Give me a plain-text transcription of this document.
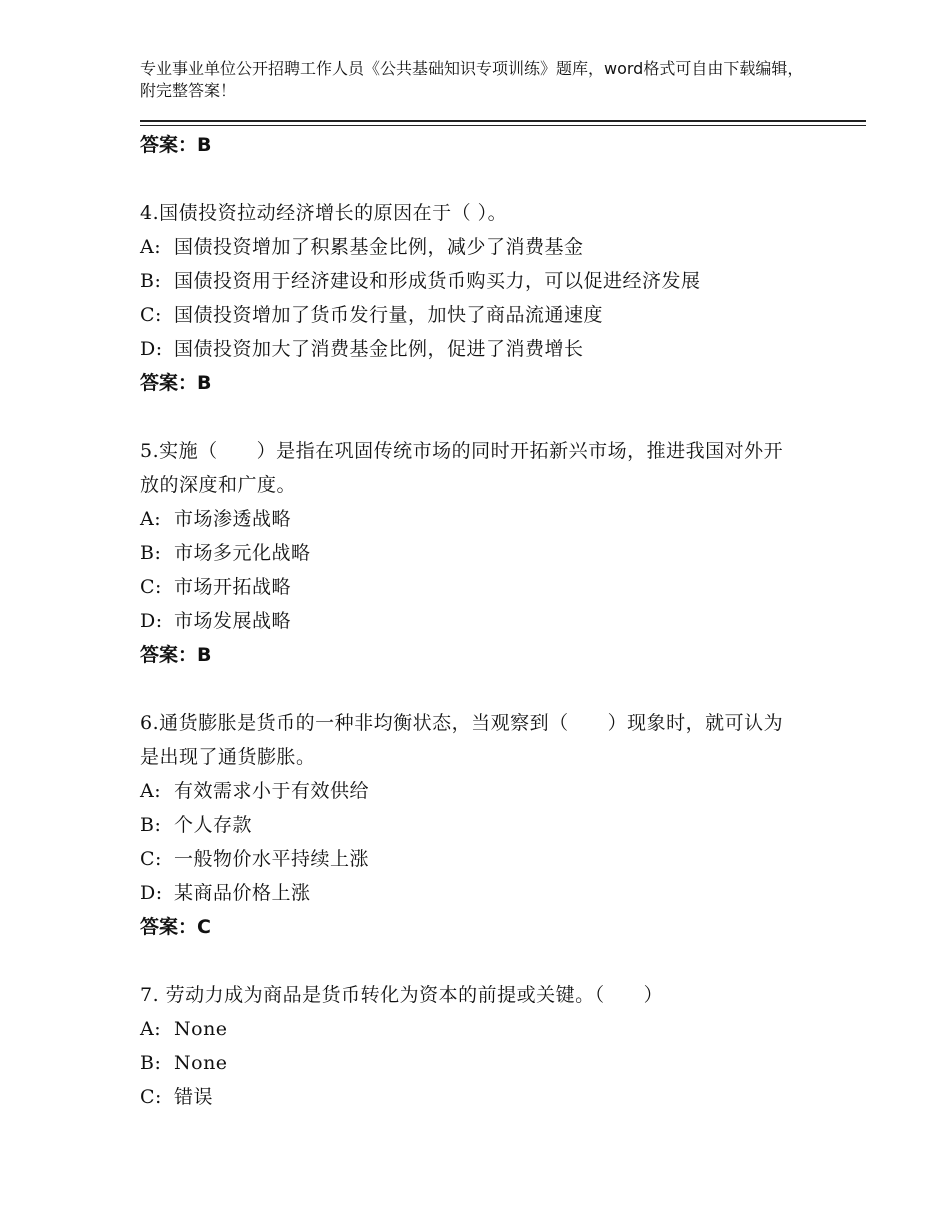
专业事业单位公开招聘工作人员《公共基础知识专项训练》题库，word格式可自由下载编辑，附完整答案！

答案：B

4.国债投资拉动经济增长的原因在于（ ）。

A: 国债投资增加了积累基金比例，减少了消费基金

B: 国债投资用于经济建设和形成货币购买力，可以促进经济发展

C: 国债投资增加了货币发行量，加快了商品流通速度

D: 国债投资加大了消费基金比例，促进了消费增长

答案：B

5.实施（　　）是指在巩固传统市场的同时开拓新兴市场，推进我国对外开放的深度和广度。

A: 市场渗透战略

B: 市场多元化战略

C: 市场开拓战略

D: 市场发展战略

答案：B

6.通货膨胀是货币的一种非均衡状态，当观察到（　　）现象时，就可认为是出现了通货膨胀。

A: 有效需求小于有效供给

B: 个人存款

C: 一般物价水平持续上涨

D: 某商品价格上涨

答案：C

7. 劳动力成为商品是货币转化为资本的前提或关键。（　　）

A: None

B: None

C: 错误
